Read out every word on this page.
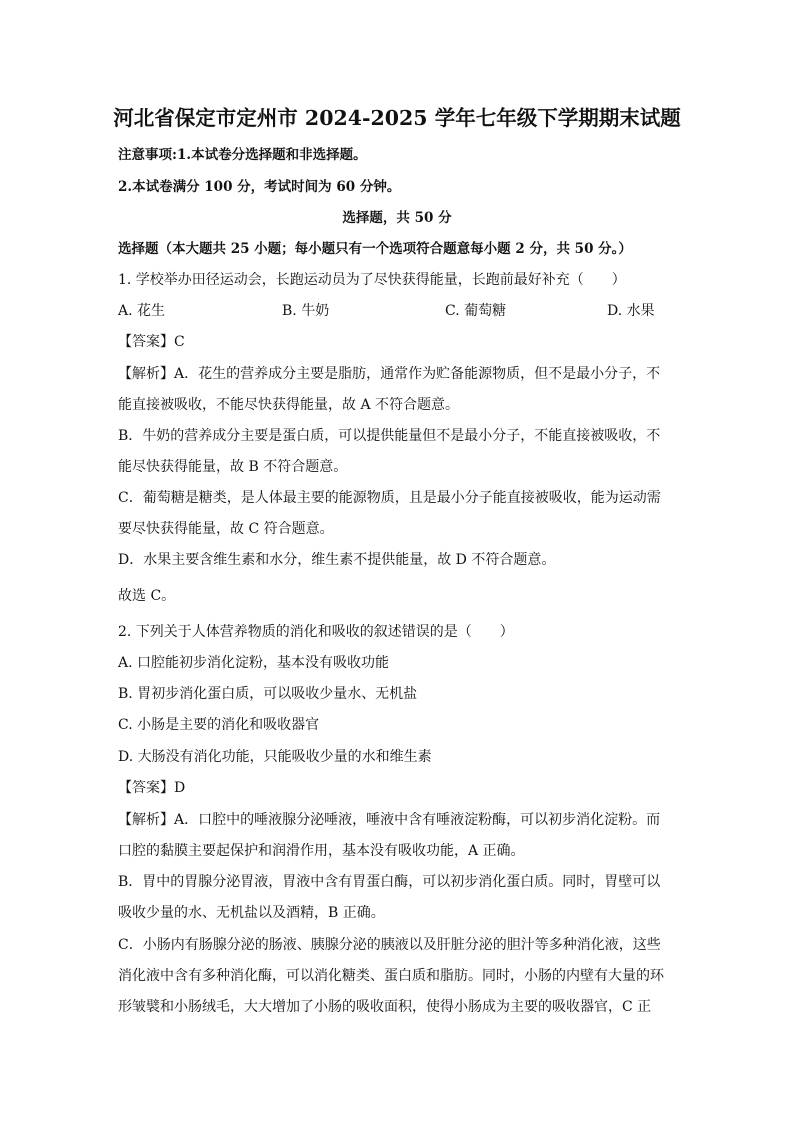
河北省保定市定州市 2024-2025 学年七年级下学期期末试题
注意事项:1.本试卷分选择题和非选择题。
2.本试卷满分 100 分，考试时间为 60 分钟。
选择题，共 50 分
选择题（本大题共 25 小题；每小题只有一个选项符合题意每小题 2 分，共 50 分。）
1. 学校举办田径运动会，长跑运动员为了尽快获得能量，长跑前最好补充（　　）
A. 花生	B. 牛奶	C. 葡萄糖	D. 水果
【答案】C
【解析】A．花生的营养成分主要是脂肪，通常作为贮备能源物质，但不是最小分子，不
能直接被吸收，不能尽快获得能量，故 A 不符合题意。
B．牛奶的营养成分主要是蛋白质，可以提供能量但不是最小分子，不能直接被吸收，不
能尽快获得能量，故 B 不符合题意。
C．葡萄糖是糖类，是人体最主要的能源物质，且是最小分子能直接被吸收，能为运动需
要尽快获得能量，故 C 符合题意。
D．水果主要含维生素和水分，维生素不提供能量，故 D 不符合题意。
故选 C。
2. 下列关于人体营养物质的消化和吸收的叙述错误的是（　　）
A. 口腔能初步消化淀粉，基本没有吸收功能
B. 胃初步消化蛋白质，可以吸收少量水、无机盐
C. 小肠是主要的消化和吸收器官
D. 大肠没有消化功能，只能吸收少量的水和维生素
【答案】D
【解析】A．口腔中的唾液腺分泌唾液，唾液中含有唾液淀粉酶，可以初步消化淀粉。而
口腔的黏膜主要起保护和润滑作用，基本没有吸收功能，A 正确。
B．胃中的胃腺分泌胃液，胃液中含有胃蛋白酶，可以初步消化蛋白质。同时，胃壁可以
吸收少量的水、无机盐以及酒精，B 正确。
C．小肠内有肠腺分泌的肠液、胰腺分泌的胰液以及肝脏分泌的胆汁等多种消化液，这些
消化液中含有多种消化酶，可以消化糖类、蛋白质和脂肪。同时，小肠的内壁有大量的环
形皱襞和小肠绒毛，大大增加了小肠的吸收面积，使得小肠成为主要的吸收器官，C 正
